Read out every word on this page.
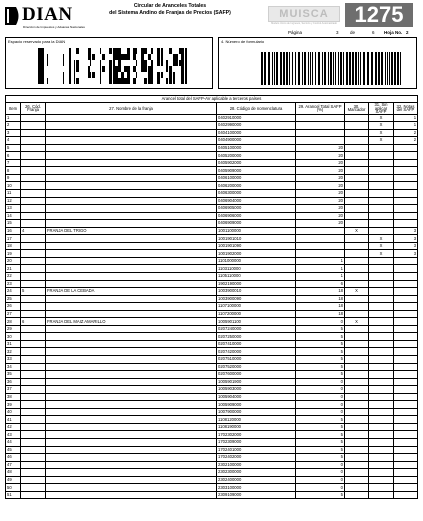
DIAN
Dirección de Impuestos y Aduanas Nacionales
Circular de Aranceles Totales
del Sistema Andino de Franjas de Precios (SAFP)	MUISCA
Modelo Único de Ingresos, Servicio y Control Automatizado 1275
Página	3	de	6 Hoja No. 2
Espacio reservado para la DIAN	4. Número de formulario
Arancel total del SAFP-AV aplicable a terceros países							
Item	26. Cód. Franja	27. Nombre de la franja	28. Código de nomenclatura	29. Arancel Total SAFP (%)	30. Marcador	31. Sin aplicar SAFP	32. Notas del SAFP
1			0402910000			X	1
2			0402990000			X	1
3			0404100000			X	2
4			0404900000			X	2
5			0405100000	20			
6			0405200000	20			
7			0405902000	20			
8			0405909000	20			
9			0406100000	20			
10			0406200000	20			
11			0406300000	20			
12			0406904000	20			
13			0406905000	20			
14			0406906000	20			
15			0406909000	20			
16	4	FRANJA DEL TRIGO	1001100000		X		3
17			1001901010			X	3
18			1001901090			X	3
19			1001902000			X	3
20			1101000000	1			
21			1103110000	1			
22			1105110000	1			
23			1902190000	6			
24	5	FRANJA DE LA CEBADA	1003900010	18	X		
25			1003900090	18			
26			1107100000	18			
27			1107200000	18			
28	6	FRANJA DEL MAIZ AMARILLO	1005901100	0	X		
29			0207240000	5			
30			0207250000	5			
31			0207410000	5			
32			0207420000	5			
33			0207510000	5			
34			0207520000	5			
35			0207600000	5			
36			1005901900	0			
37			1005903000	0			
38			1005904000	0			
39			1005909000	0			
40			1007900000	0			
41			1108120000	5			
42			1108190000	5			
43			1702302000	5			
44			1702309000	5			
45			1702401000	5			
46			1702402000	5			
47			2302100000	0			
48			2302300000	0			
49			2302400000	0			
50			2303100000	0			
51			2309109000	5			
